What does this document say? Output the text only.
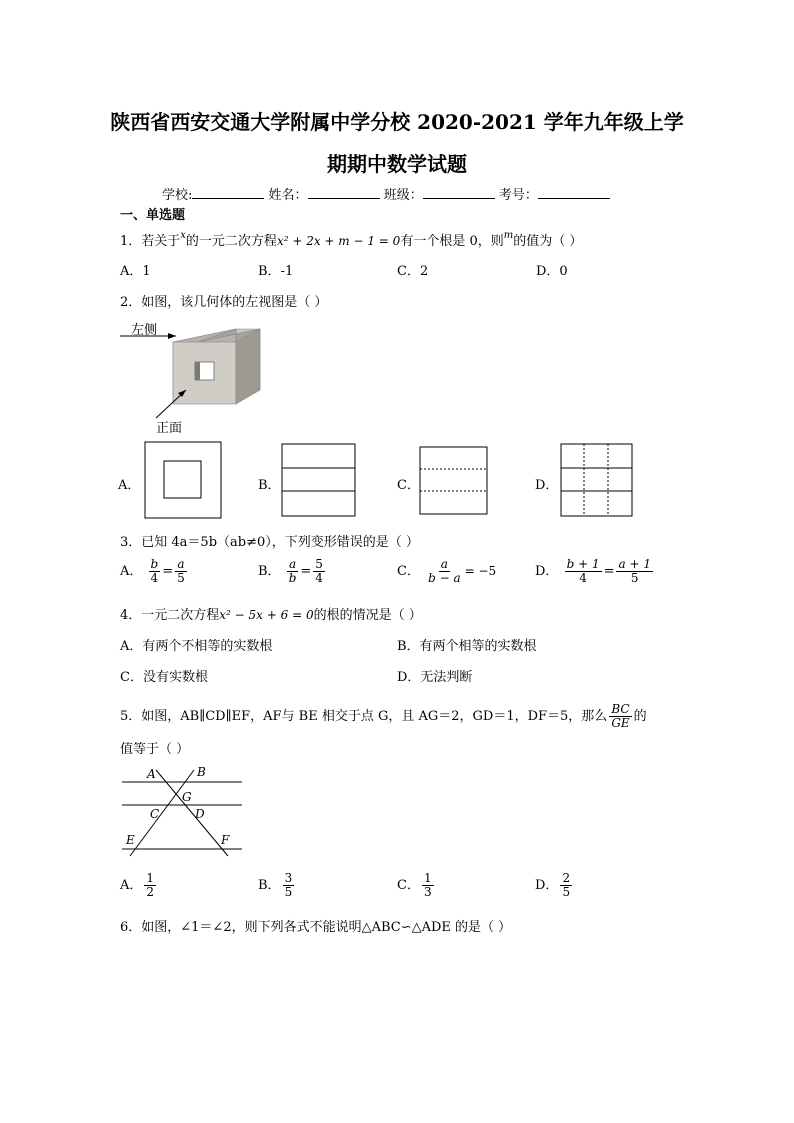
陕西省西安交通大学附属中学分校 2020-2021 学年九年级上学
期期中数学试题
学校:	姓名：	班级：	考号：
一、单选题
1．若关于$^x$的一元二次方程x² + 2x + m − 1 = 0有一个根是 0，则$^m$的值为（ ）
A．1	B．-1	C．2	D．0
2．如图，该几何体的左视图是（ ）
左侧
正面
A．	B．	C．	D．
3．已知 4a＝5b（ab≠0），下列变形错误的是（ ）
A． $\frac{b}{4} = \frac{a}{5}$	B． $\frac{a}{b} = \frac{5}{4}$	C． $\frac{a}{b - a} = -5$	D． $\frac{b + 1}{4} = \frac{a + 1}{5}$
4．一元二次方程x² − 5x + 6 = 0的根的情况是（ ）
A．有两个不相等的实数根	B．有两个相等的实数根
C．没有实数根	D．无法判断
5．如图，AB∥CD∥EF，AF与 BE 相交于点 G，且 AG＝2，GD＝1，DF＝5，那么 $\frac{BC}{GE}$ 的
值等于（ ）
A	B
G
C	D
E	F
A． $\frac{1}{2}$	B． $\frac{3}{5}$	C． $\frac{1}{3}$	D． $\frac{2}{5}$
6．如图，∠1＝∠2，则下列各式不能说明△ABC∽△ADE 的是（ ）
